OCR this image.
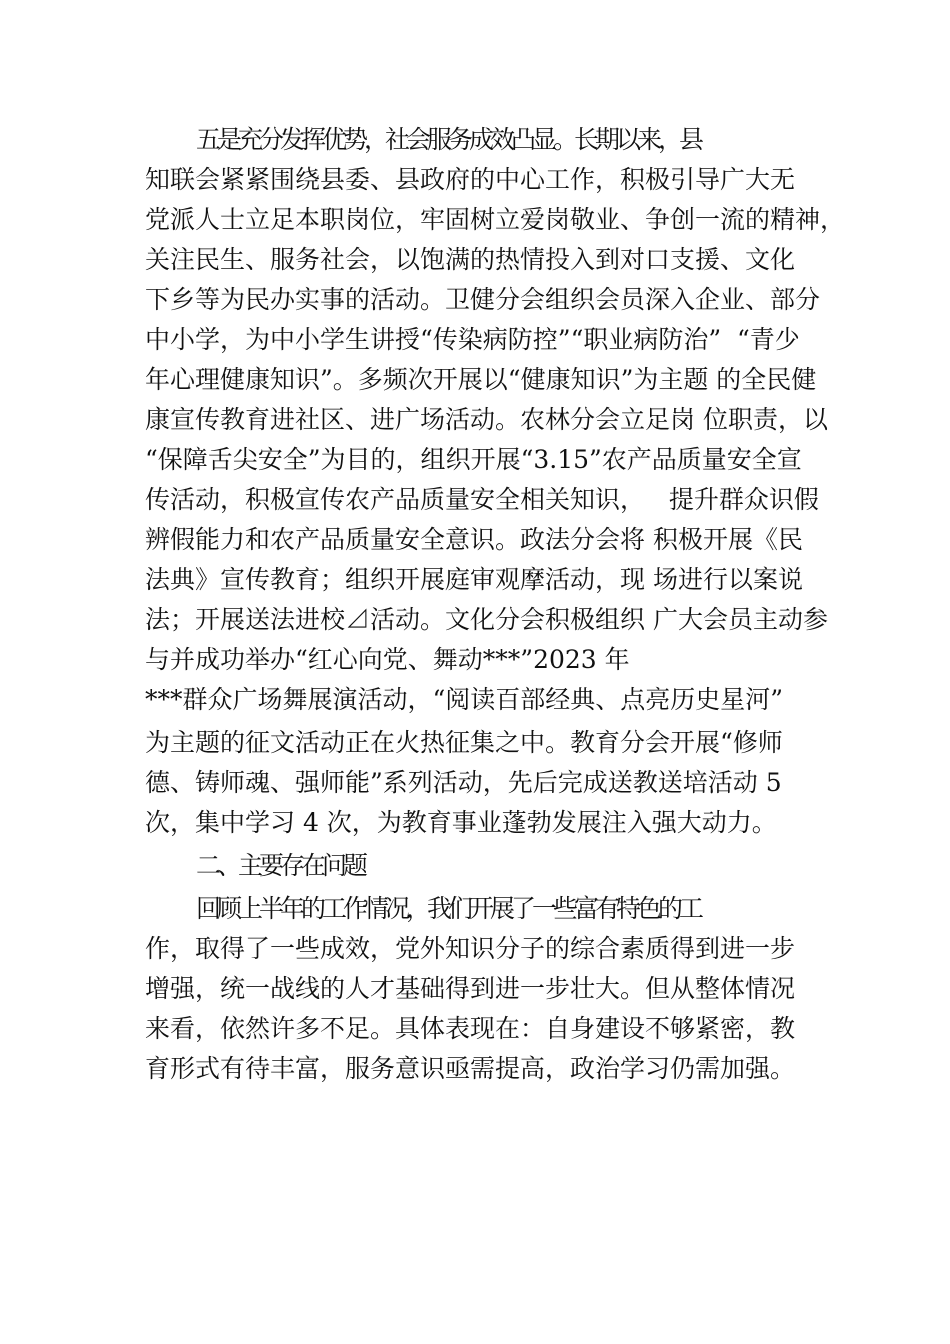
五是充分发挥优势，社会服务成效凸显。长期以来，县
知联会紧紧围绕县委、县政府的中心工作，积极引导广大无
党派人士立足本职岗位，牢固树立爱岗敬业、争创一流的精神，
关注民生、服务社会，以饱满的热情投入到对口支援、文化
下乡等为民办实事的活动。卫健分会组织会员深入企业、部分
中小学，为中小学生讲授“传染病防控”“职业病防治”  “青少
年心理健康知识”。多频次开展以“健康知识”为主题 的全民健
康宣传教育进社区、进广场活动。农林分会立足岗 位职责，以
“保障舌尖安全”为目的，组织开展“3.15”农产品质量安全宣
传活动，积极宣传农产品质量安全相关知识，   提升群众识假
辨假能力和农产品质量安全意识。政法分会将 积极开展《民
法典》宣传教育；组织开展庭审观摩活动，现 场进行以案说
法；开展送法进校⊿活动。文化分会积极组织 广大会员主动参
与并成功举办“红心向党、舞动***”2023 年
***群众广场舞展演活动，“阅读百部经典、点亮历史星河”
为主题的征文活动正在火热征集之中。教育分会开展“修师
德、铸师魂、强师能”系列活动，先后完成送教送培活动 5
次，集中学习 4 次，为教育事业蓬勃发展注入强大动力。
二、主要存在问题
回顾上半年的工作情况，我们开展了一些富有特色的工
作，取得了一些成效，党外知识分子的综合素质得到进一步
增强，统一战线的人才基础得到进一步壮大。但从整体情况
来看，依然许多不足。具体表现在：自身建设不够紧密，教
育形式有待丰富，服务意识亟需提高，政治学习仍需加强。
